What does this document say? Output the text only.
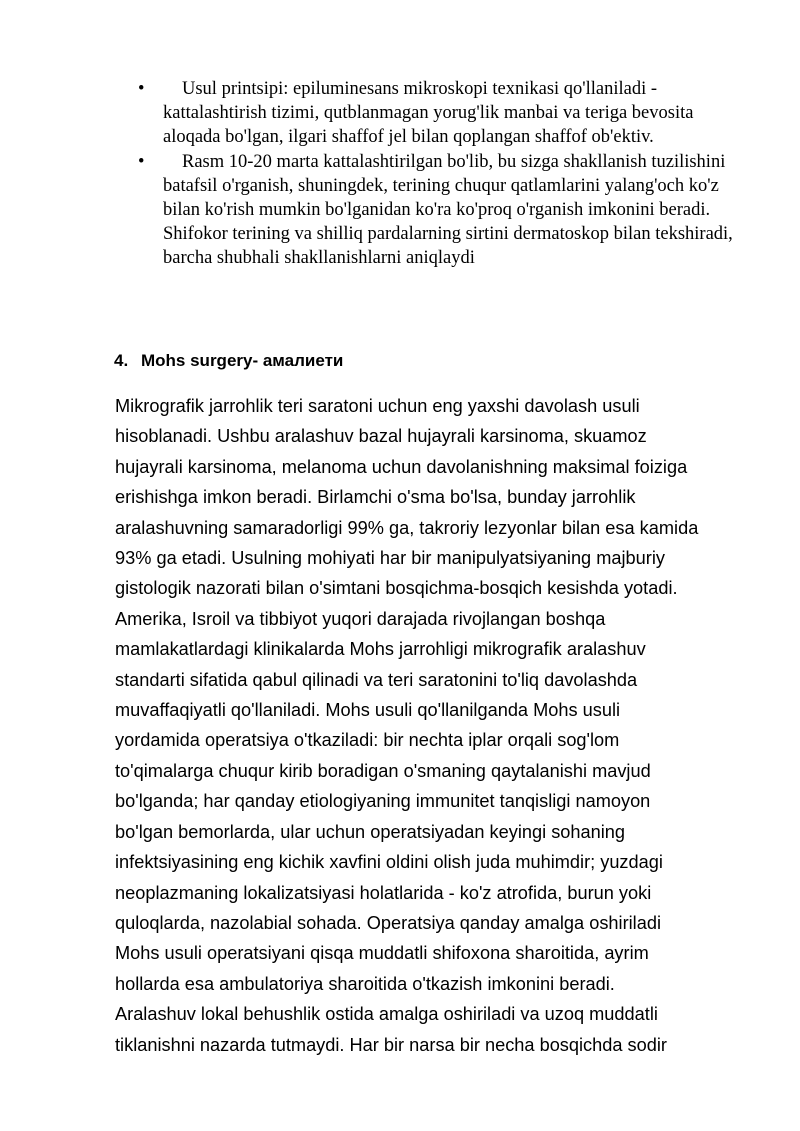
•	Usul printsipi: epiluminesans mikroskopi texnikasi qo'llaniladi - kattalashtirish tizimi, qutblanmagan yorug'lik manbai va teriga bevosita aloqada bo'lgan, ilgari shaffof jel bilan qoplangan shaffof ob'ektiv.
•	Rasm 10-20 marta kattalashtirilgan bo'lib, bu sizga shakllanish tuzilishini batafsil o'rganish, shuningdek, terining chuqur qatlamlarini yalang'och ko'z bilan ko'rish mumkin bo'lganidan ko'ra ko'proq o'rganish imkonini beradi. Shifokor terining va shilliq pardalarning sirtini dermatoskop bilan tekshiradi, barcha shubhali shakllanishlarni aniqlaydi
4. Mohs surgery- амалиети

Mikrografik jarrohlik teri saratoni uchun eng yaxshi davolash usuli
hisoblanadi. Ushbu aralashuv bazal hujayrali karsinoma, skuamoz
hujayrali karsinoma, melanoma uchun davolanishning maksimal foiziga
erishishga imkon beradi. Birlamchi o'sma bo'lsa, bunday jarrohlik
aralashuvning samaradorligi 99% ga, takroriy lezyonlar bilan esa kamida
93% ga etadi. Usulning mohiyati har bir manipulyatsiyaning majburiy
gistologik nazorati bilan o'simtani bosqichma-bosqich kesishda yotadi.
Amerika, Isroil va tibbiyot yuqori darajada rivojlangan boshqa
mamlakatlardagi klinikalarda Mohs jarrohligi mikrografik aralashuv
standarti sifatida qabul qilinadi va teri saratonini to'liq davolashda
muvaffaqiyatli qo'llaniladi. Mohs usuli qo'llanilganda Mohs usuli
yordamida operatsiya o'tkaziladi: bir nechta iplar orqali sog'lom
to'qimalarga chuqur kirib boradigan o'smaning qaytalanishi mavjud
bo'lganda; har qanday etiologiyaning immunitet tanqisligi namoyon
bo'lgan bemorlarda, ular uchun operatsiyadan keyingi sohaning
infektsiyasining eng kichik xavfini oldini olish juda muhimdir; yuzdagi
neoplazmaning lokalizatsiyasi holatlarida - ko'z atrofida, burun yoki
quloqlarda, nazolabial sohada. Operatsiya qanday amalga oshiriladi
Mohs usuli operatsiyani qisqa muddatli shifoxona sharoitida, ayrim
hollarda esa ambulatoriya sharoitida o'tkazish imkonini beradi.
Aralashuv lokal behushlik ostida amalga oshiriladi va uzoq muddatli
tiklanishni nazarda tutmaydi. Har bir narsa bir necha bosqichda sodir
